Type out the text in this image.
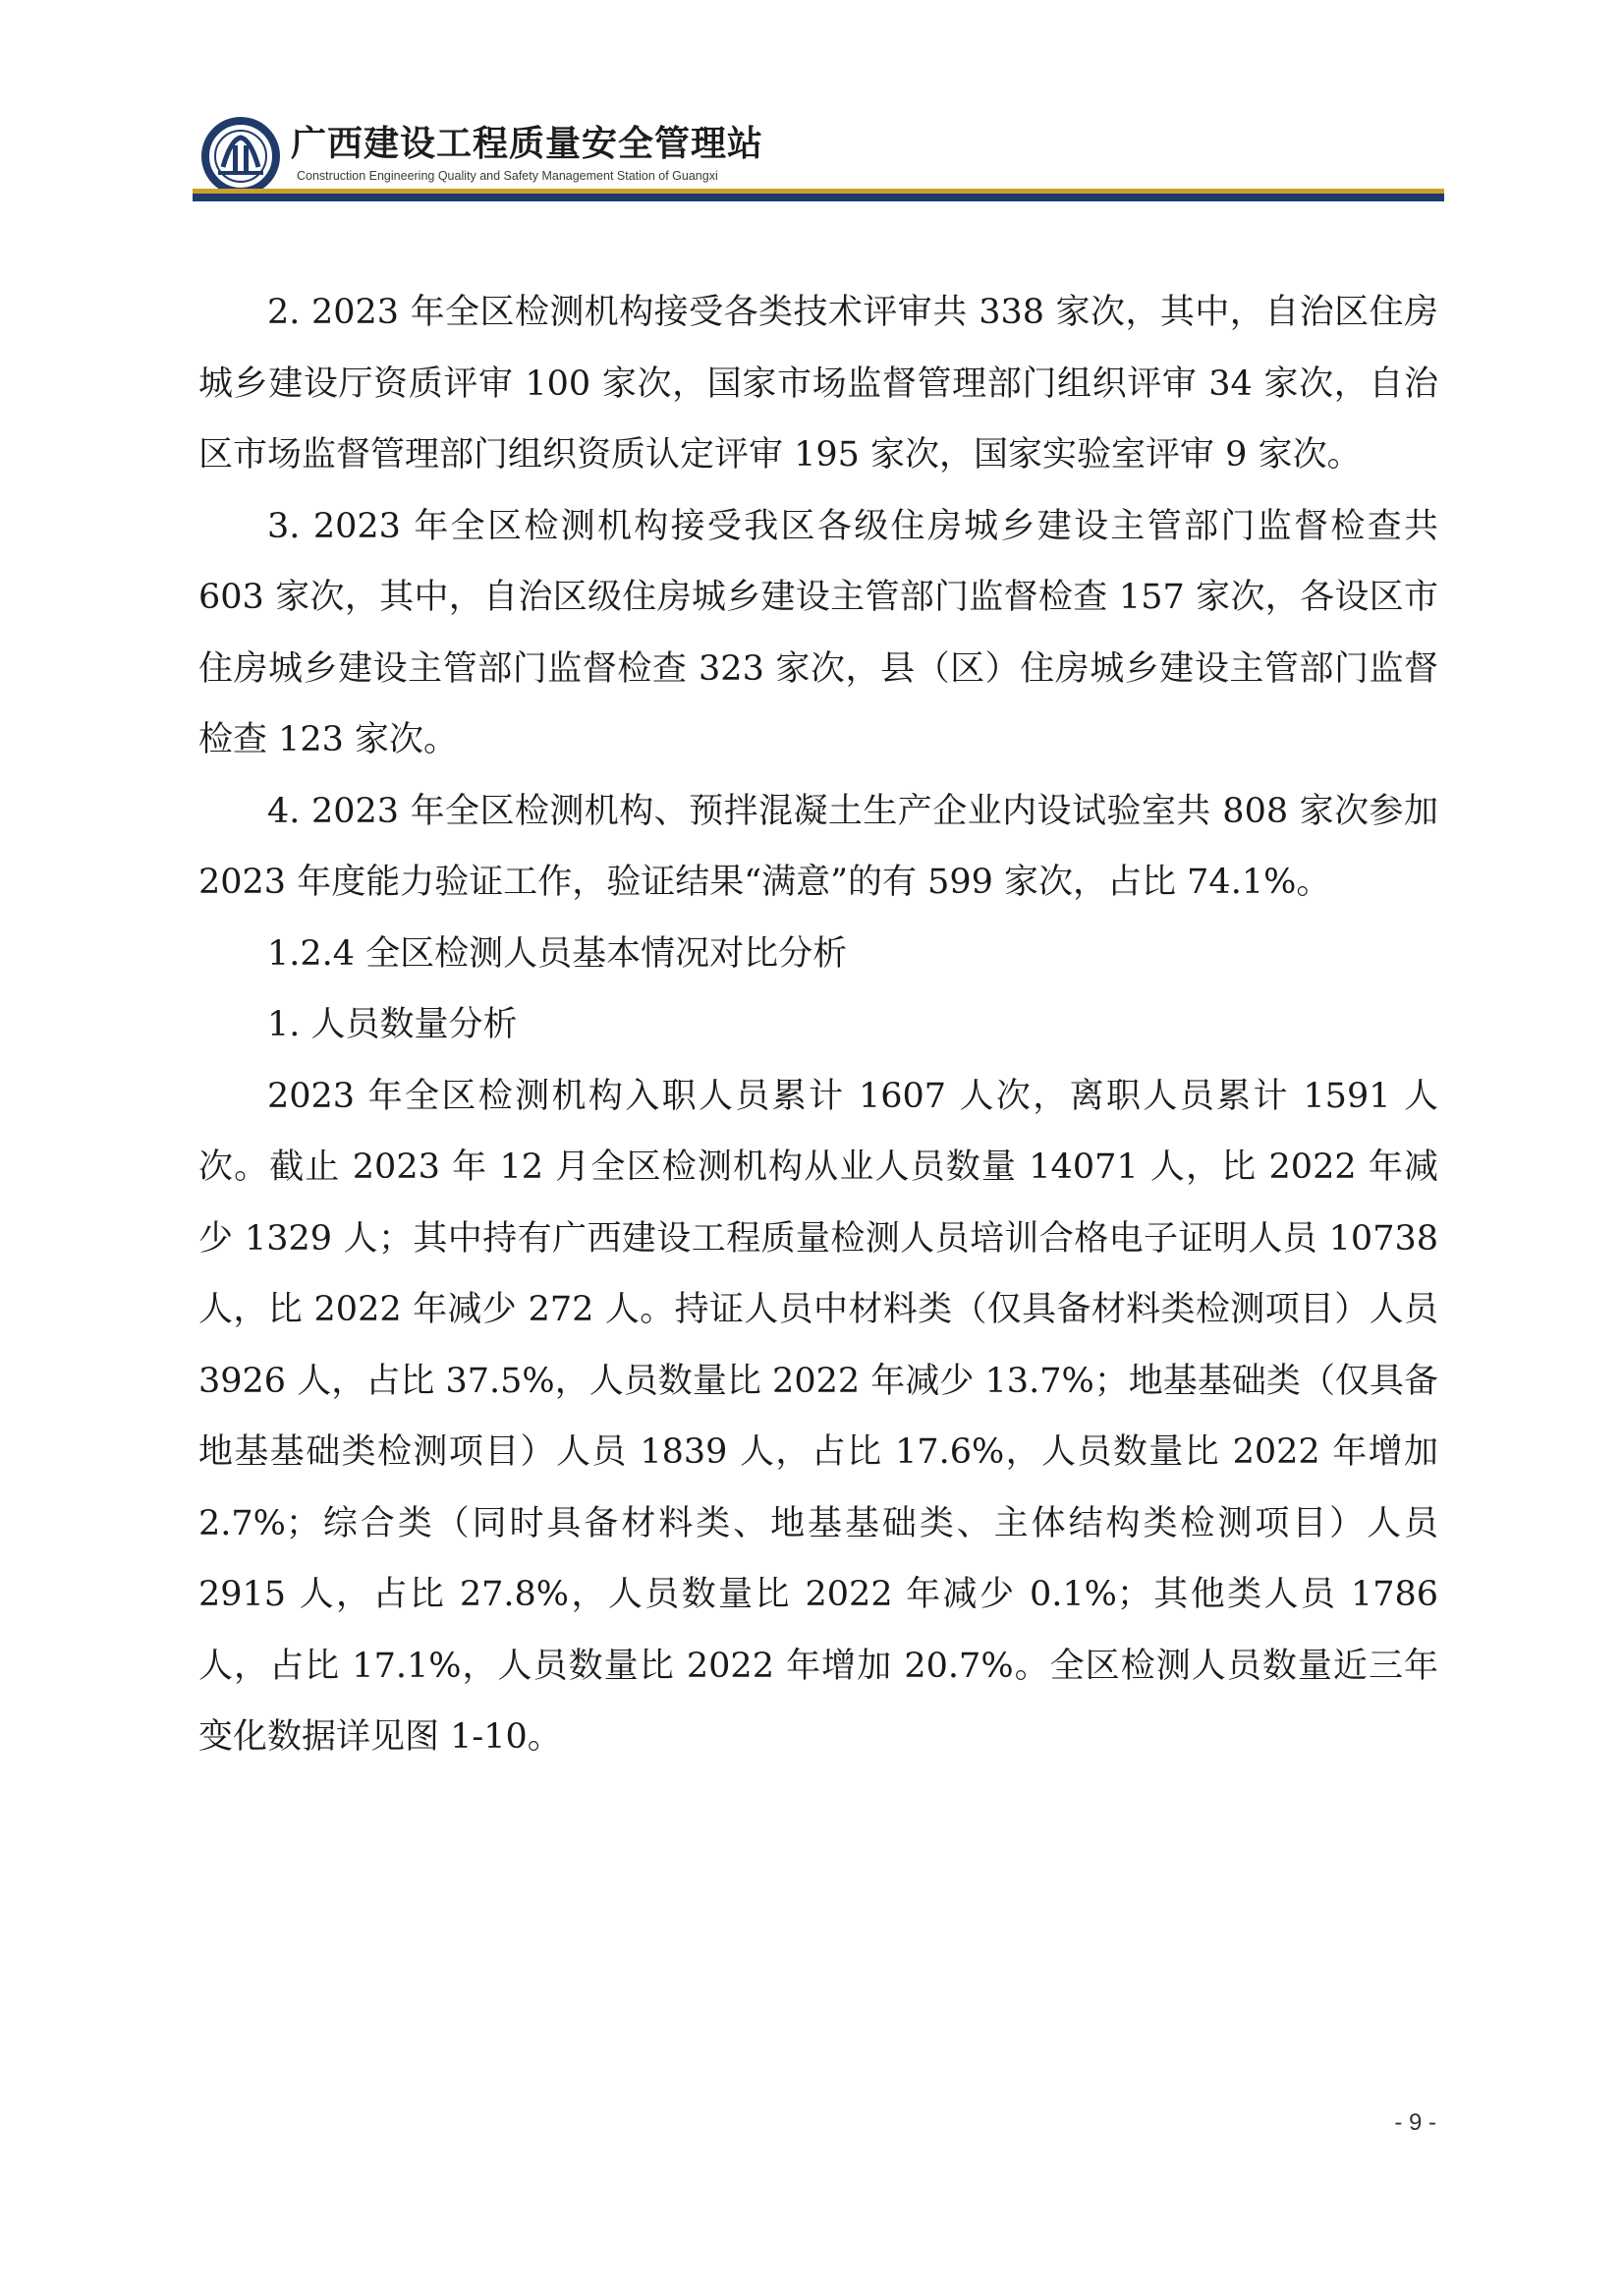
广西建设工程质量安全管理站
Construction Engineering Quality and Safety Management Station of Guangxi

2. 2023 年全区检测机构接受各类技术评审共 338 家次，其中，自治区住房城乡建设厅资质评审 100 家次，国家市场监督管理部门组织评审 34 家次，自治区市场监督管理部门组织资质认定评审 195 家次，国家实验室评审 9 家次。

3. 2023 年全区检测机构接受我区各级住房城乡建设主管部门监督检查共 603 家次，其中，自治区级住房城乡建设主管部门监督检查 157 家次，各设区市住房城乡建设主管部门监督检查 323 家次，县（区）住房城乡建设主管部门监督检查 123 家次。

4. 2023 年全区检测机构、预拌混凝土生产企业内设试验室共 808 家次参加 2023 年度能力验证工作，验证结果“满意”的有 599 家次，占比 74.1%。

1.2.4 全区检测人员基本情况对比分析

1. 人员数量分析

2023 年全区检测机构入职人员累计 1607 人次，离职人员累计 1591 人次。截止 2023 年 12 月全区检测机构从业人员数量 14071 人，比 2022 年减少 1329 人；其中持有广西建设工程质量检测人员培训合格电子证明人员 10738 人，比 2022 年减少 272 人。持证人员中材料类（仅具备材料类检测项目）人员 3926 人，占比 37.5%，人员数量比 2022 年减少 13.7%；地基基础类（仅具备地基基础类检测项目）人员 1839 人，占比 17.6%，人员数量比 2022 年增加 2.7%；综合类（同时具备材料类、地基基础类、主体结构类检测项目）人员 2915 人，占比 27.8%，人员数量比 2022 年减少 0.1%；其他类人员 1786 人，占比 17.1%，人员数量比 2022 年增加 20.7%。全区检测人员数量近三年变化数据详见图 1-10。

- 9 -
